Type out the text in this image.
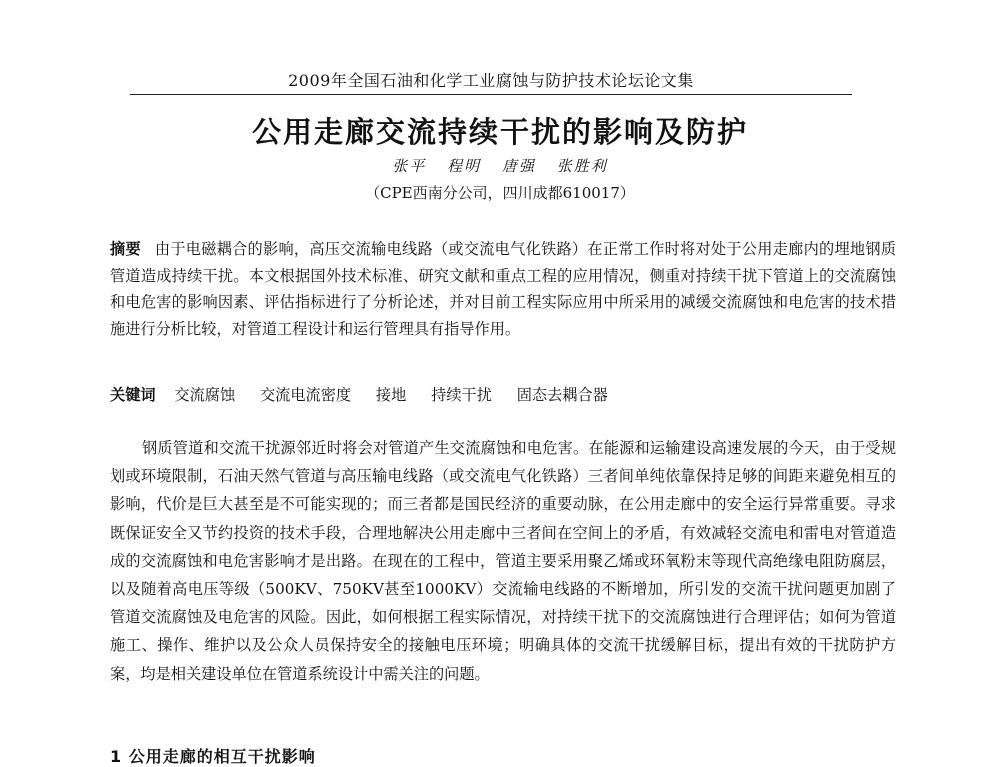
2009年全国石油和化学工业腐蚀与防护技术论坛论文集
公用走廊交流持续干扰的影响及防护
张平 程明 唐强 张胜利
（CPE西南分公司，四川成都610017）
摘要 由于电磁耦合的影响，高压交流输电线路（或交流电气化铁路）在正常工作时将对处于公用走廊内的埋地钢质管道造成持续干扰。本文根据国外技术标准、研究文献和重点工程的应用情况，侧重对持续干扰下管道上的交流腐蚀和电危害的影响因素、评估指标进行了分析论述，并对目前工程实际应用中所采用的减缓交流腐蚀和电危害的技术措施进行分析比较，对管道工程设计和运行管理具有指导作用。
关键词 交流腐蚀 交流电流密度 接地 持续干扰 固态去耦合器
钢质管道和交流干扰源邻近时将会对管道产生交流腐蚀和电危害。在能源和运输建设高速发展的今天，由于受规划或环境限制，石油天然气管道与高压输电线路（或交流电气化铁路）三者间单纯依靠保持足够的间距来避免相互的影响，代价是巨大甚至是不可能实现的；而三者都是国民经济的重要动脉，在公用走廊中的安全运行异常重要。寻求既保证安全又节约投资的技术手段，合理地解决公用走廊中三者间在空间上的矛盾，有效减轻交流电和雷电对管道造成的交流腐蚀和电危害影响才是出路。在现在的工程中，管道主要采用聚乙烯或环氧粉末等现代高绝缘电阻防腐层，以及随着高电压等级（500KV、750KV甚至1000KV）交流输电线路的不断增加，所引发的交流干扰问题更加剧了管道交流腐蚀及电危害的风险。因此，如何根据工程实际情况，对持续干扰下的交流腐蚀进行合理评估；如何为管道施工、操作、维护以及公众人员保持安全的接触电压环境；明确具体的交流干扰缓解目标，提出有效的干扰防护方案，均是相关建设单位在管道系统设计中需关注的问题。
1 公用走廊的相互干扰影响
